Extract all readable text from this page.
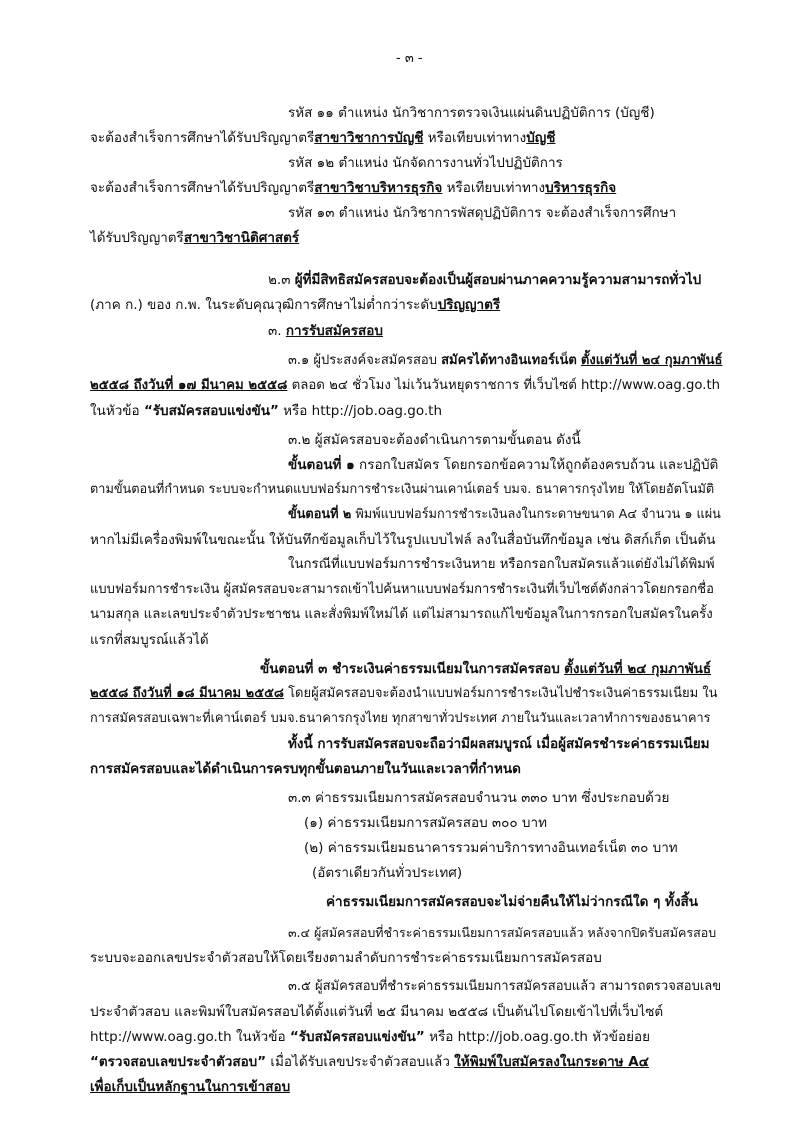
- ๓ -
รหัส ๑๑ ตำแหน่ง นักวิชาการตรวจเงินแผ่นดินปฏิบัติการ (บัญชี)
จะต้องสำเร็จการศึกษาได้รับปริญญาตรีสาขาวิชาการบัญชี หรือเทียบเท่าทางบัญชี
รหัส ๑๒ ตำแหน่ง นักจัดการงานทั่วไปปฏิบัติการ
จะต้องสำเร็จการศึกษาได้รับปริญญาตรีสาขาวิชาบริหารธุรกิจ หรือเทียบเท่าทางบริหารธุรกิจ
รหัส ๑๓ ตำแหน่ง นักวิชาการพัสดุปฏิบัติการ จะต้องสำเร็จการศึกษา
ได้รับปริญญาตรีสาขาวิชานิติศาสตร์
๒.๓ ผู้ที่มีสิทธิสมัครสอบจะต้องเป็นผู้สอบผ่านภาคความรู้ความสามารถทั่วไป
(ภาค ก.) ของ ก.พ. ในระดับคุณวุฒิการศึกษาไม่ต่ำกว่าระดับปริญญาตรี
๓. การรับสมัครสอบ
๓.๑ ผู้ประสงค์จะสมัครสอบ สมัครได้ทางอินเทอร์เน็ต ตั้งแต่วันที่ ๒๔ กุมภาพันธ์
๒๕๕๘ ถึงวันที่ ๑๗ มีนาคม ๒๕๕๘ ตลอด ๒๔ ชั่วโมง ไม่เว้นวันหยุดราชการ ที่เว็บไซต์ http://www.oag.go.th
ในหัวข้อ “รับสมัครสอบแข่งขัน” หรือ http://job.oag.go.th
๓.๒ ผู้สมัครสอบจะต้องดำเนินการตามขั้นตอน ดังนี้
ขั้นตอนที่ ๑ กรอกใบสมัคร โดยกรอกข้อความให้ถูกต้องครบถ้วน และปฏิบัติ
ตามขั้นตอนที่กำหนด ระบบจะกำหนดแบบฟอร์มการชำระเงินผ่านเคาน์เตอร์ บมจ. ธนาคารกรุงไทย ให้โดยอัตโนมัติ
ขั้นตอนที่ ๒ พิมพ์แบบฟอร์มการชำระเงินลงในกระดาษขนาด A๔ จำนวน ๑ แผ่น
หากไม่มีเครื่องพิมพ์ในขณะนั้น ให้บันทึกข้อมูลเก็บไว้ในรูปแบบไฟล์ ลงในสื่อบันทึกข้อมูล เช่น ดิสก์เก็ต เป็นต้น
ในกรณีที่แบบฟอร์มการชำระเงินหาย หรือกรอกใบสมัครแล้วแต่ยังไม่ได้พิมพ์
แบบฟอร์มการชำระเงิน ผู้สมัครสอบจะสามารถเข้าไปค้นหาแบบฟอร์มการชำระเงินที่เว็บไซต์ดังกล่าวโดยกรอกชื่อ
นามสกุล และเลขประจำตัวประชาชน และสั่งพิมพ์ใหม่ได้ แต่ไม่สามารถแก้ไขข้อมูลในการกรอกใบสมัครในครั้ง
แรกที่สมบูรณ์แล้วได้
ขั้นตอนที่ ๓ ชำระเงินค่าธรรมเนียมในการสมัครสอบ ตั้งแต่วันที่ ๒๔ กุมภาพันธ์
๒๕๕๘ ถึงวันที่ ๑๘ มีนาคม ๒๕๕๘ โดยผู้สมัครสอบจะต้องนำแบบฟอร์มการชำระเงินไปชำระเงินค่าธรรมเนียม ใน
การสมัครสอบเฉพาะที่เคาน์เตอร์ บมจ.ธนาคารกรุงไทย ทุกสาขาทั่วประเทศ ภายในวันและเวลาทำการของธนาคาร
ทั้งนี้ การรับสมัครสอบจะถือว่ามีผลสมบูรณ์ เมื่อผู้สมัครชำระค่าธรรมเนียม
การสมัครสอบและได้ดำเนินการครบทุกขั้นตอนภายในวันและเวลาที่กำหนด
๓.๓ ค่าธรรมเนียมการสมัครสอบจำนวน ๓๓๐ บาท ซึ่งประกอบด้วย
(๑) ค่าธรรมเนียมการสมัครสอบ ๓๐๐ บาท
(๒) ค่าธรรมเนียมธนาคารรวมค่าบริการทางอินเทอร์เน็ต ๓๐ บาท
(อัตราเดียวกันทั่วประเทศ)
ค่าธรรมเนียมการสมัครสอบจะไม่จ่ายคืนให้ไม่ว่ากรณีใด ๆ ทั้งสิ้น
๓.๔ ผู้สมัครสอบที่ชำระค่าธรรมเนียมการสมัครสอบแล้ว หลังจากปิดรับสมัครสอบ
ระบบจะออกเลขประจำตัวสอบให้โดยเรียงตามลำดับการชำระค่าธรรมเนียมการสมัครสอบ
๓.๕ ผู้สมัครสอบที่ชำระค่าธรรมเนียมการสมัครสอบแล้ว สามารถตรวจสอบเลข
ประจำตัวสอบ และพิมพ์ใบสมัครสอบได้ตั้งแต่วันที่ ๒๕ มีนาคม ๒๕๕๘ เป็นต้นไปโดยเข้าไปที่เว็บไซต์
http://www.oag.go.th ในหัวข้อ “รับสมัครสอบแข่งขัน” หรือ http://job.oag.go.th หัวข้อย่อย
“ตรวจสอบเลขประจำตัวสอบ” เมื่อได้รับเลขประจำตัวสอบแล้ว ให้พิมพ์ใบสมัครลงในกระดาษ A๔
เพื่อเก็บเป็นหลักฐานในการเข้าสอบ
